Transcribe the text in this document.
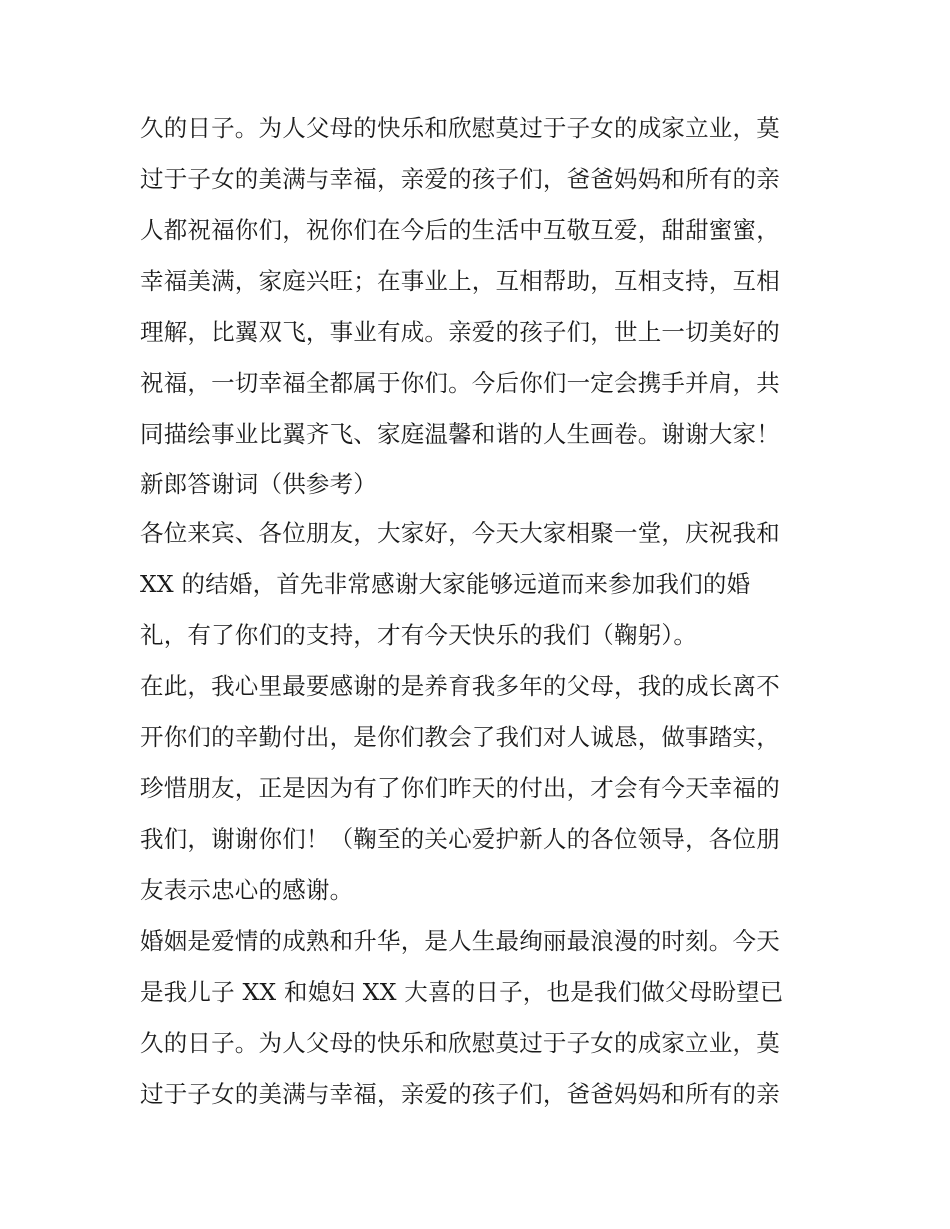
久的日子。为人父母的快乐和欣慰莫过于子女的成家立业，莫
过于子女的美满与幸福，亲爱的孩子们，爸爸妈妈和所有的亲
人都祝福你们，祝你们在今后的生活中互敬互爱，甜甜蜜蜜，
幸福美满，家庭兴旺；在事业上，互相帮助，互相支持，互相
理解，比翼双飞，事业有成。亲爱的孩子们，世上一切美好的
祝福，一切幸福全都属于你们。今后你们一定会携手并肩，共
同描绘事业比翼齐飞、家庭温馨和谐的人生画卷。谢谢大家！
新郎答谢词（供参考）
各位来宾、各位朋友，大家好，今天大家相聚一堂，庆祝我和
XX 的结婚，首先非常感谢大家能够远道而来参加我们的婚
礼，有了你们的支持，才有今天快乐的我们（鞠躬）。
在此，我心里最要感谢的是养育我多年的父母，我的成长离不
开你们的辛勤付出，是你们教会了我们对人诚恳，做事踏实，
珍惜朋友，正是因为有了你们昨天的付出，才会有今天幸福的
我们，谢谢你们！（鞠至的关心爱护新人的各位领导，各位朋
友表示忠心的感谢。
婚姻是爱情的成熟和升华，是人生最绚丽最浪漫的时刻。今天
是我儿子 XX 和媳妇 XX 大喜的日子，也是我们做父母盼望已
久的日子。为人父母的快乐和欣慰莫过于子女的成家立业，莫
过于子女的美满与幸福，亲爱的孩子们，爸爸妈妈和所有的亲
